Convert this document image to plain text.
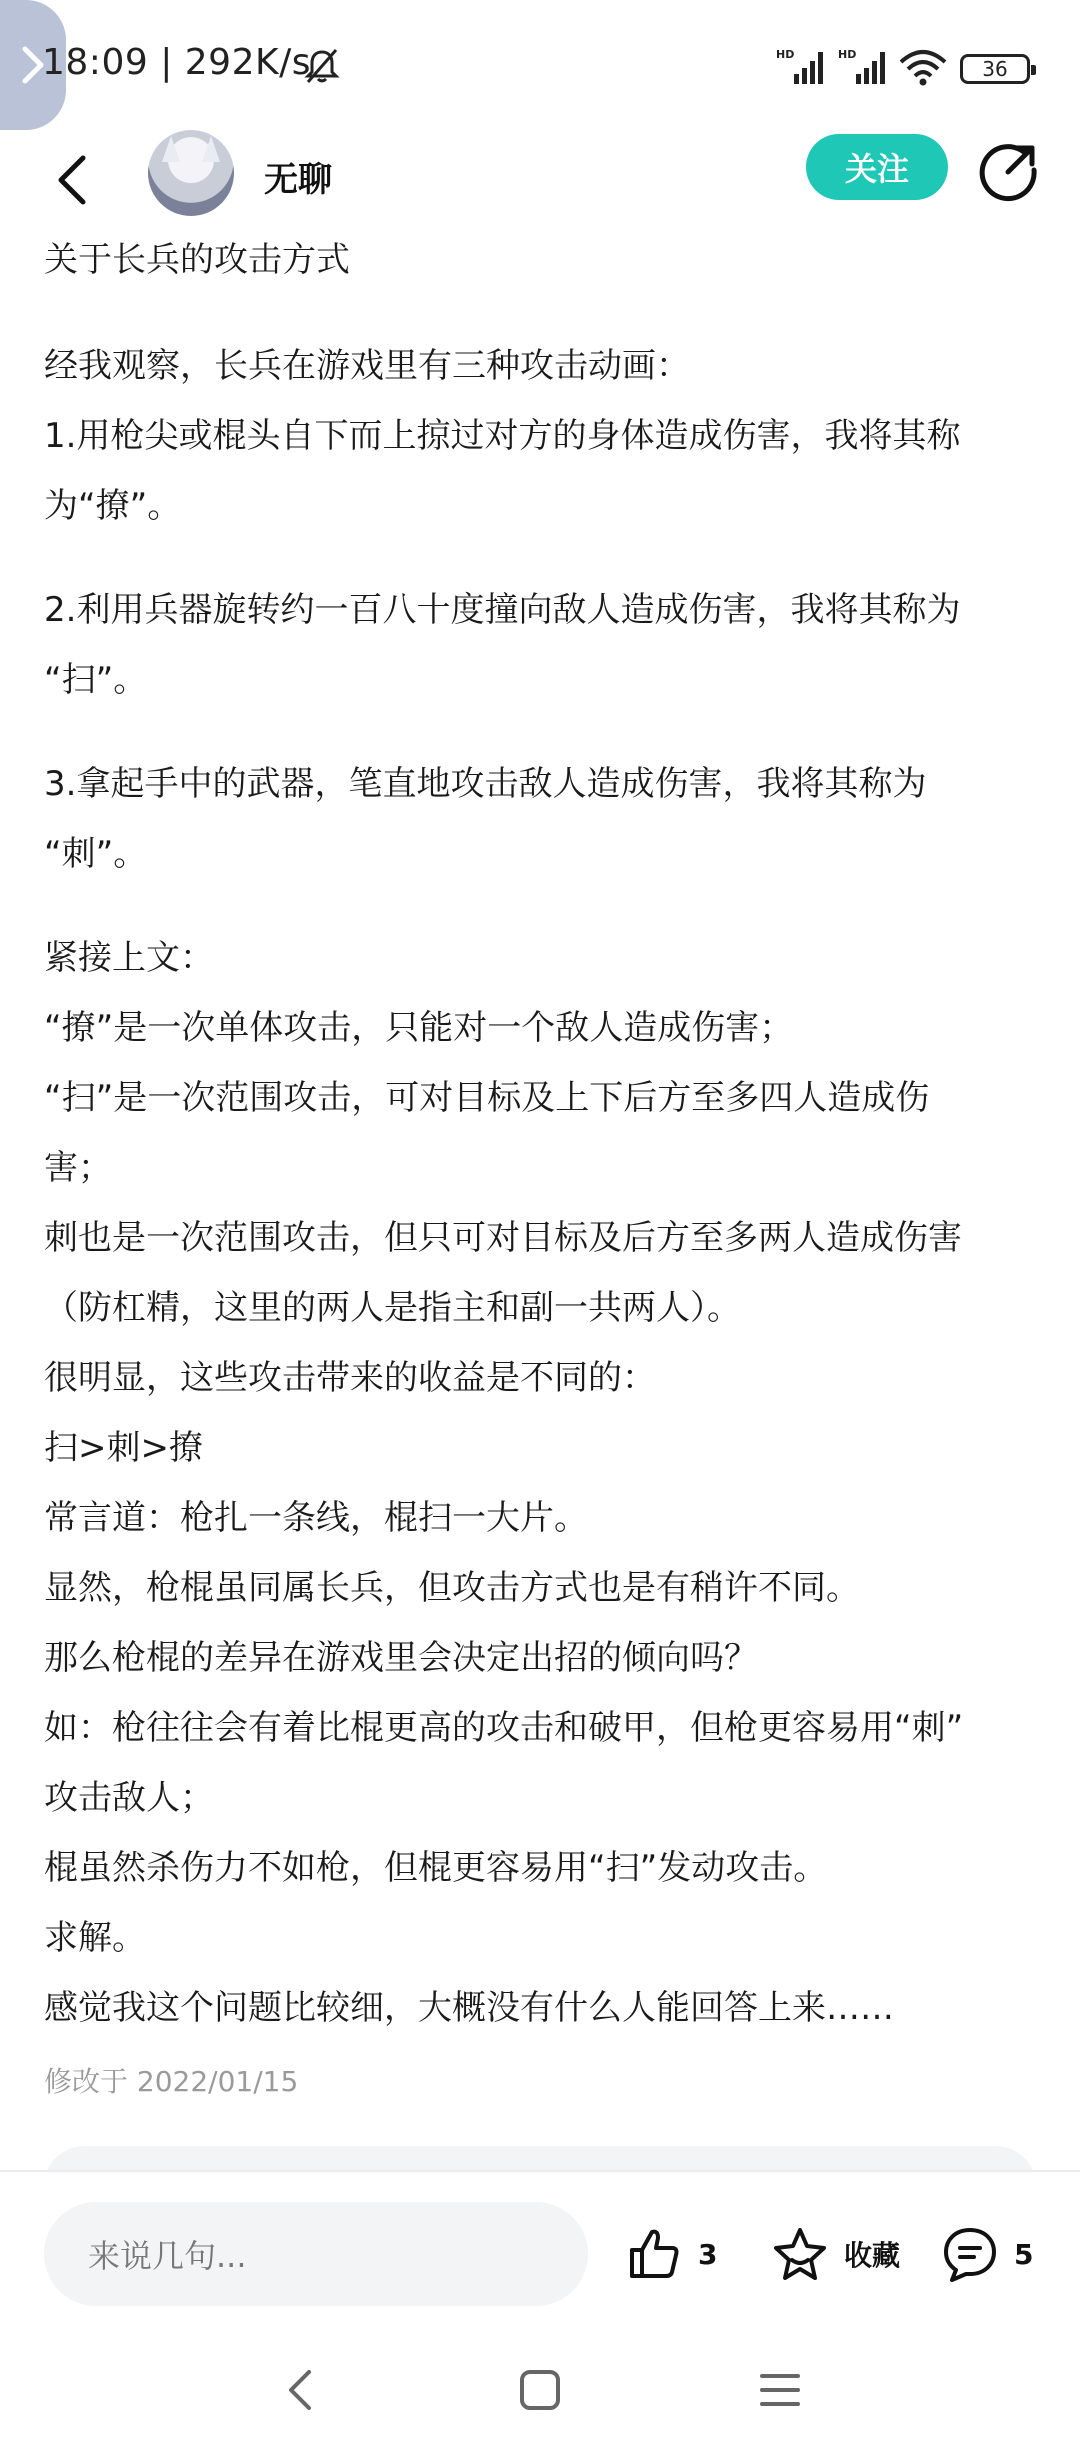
18:09 | 292K/s	HD	HD
36
无聊	关注

关于长兵的攻击方式

经我观察，长兵在游戏里有三种攻击动画：

1.用枪尖或棍头自下而上掠过对方的身体造成伤害，我将其称

为“撩”。

2.利用兵器旋转约一百八十度撞向敌人造成伤害，我将其称为

“扫”。

3.拿起手中的武器，笔直地攻击敌人造成伤害，我将其称为

“刺”。

紧接上文：

“撩”是一次单体攻击，只能对一个敌人造成伤害；

“扫”是一次范围攻击，可对目标及上下后方至多四人造成伤

害；

刺也是一次范围攻击，但只可对目标及后方至多两人造成伤害

（防杠精，这里的两人是指主和副一共两人）。

很明显，这些攻击带来的收益是不同的：

扫>刺>撩

常言道：枪扎一条线，棍扫一大片。

显然，枪棍虽同属长兵，但攻击方式也是有稍许不同。

那么枪棍的差异在游戏里会决定出招的倾向吗？

如：枪往往会有着比棍更高的攻击和破甲，但枪更容易用“刺”

攻击敌人；

棍虽然杀伤力不如枪，但棍更容易用“扫”发动攻击。

求解。

感觉我这个问题比较细，大概没有什么人能回答上来……

修改于 2022/01/15

来说几句...	3	收藏	5
